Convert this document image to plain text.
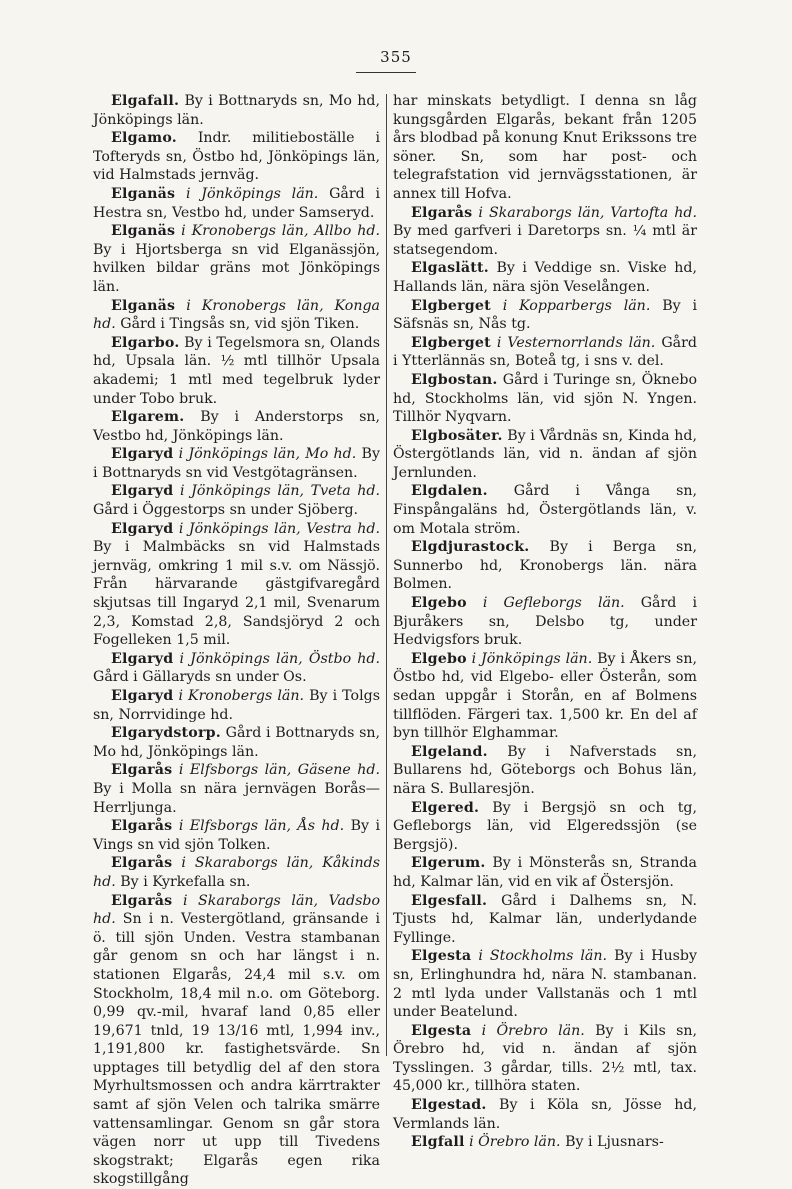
355

Elgafall. By i Bottnaryds sn, Mo hd, Jönköpings län.

Elgamo. Indr. militieboställe i Tofteryds sn, Östbo hd, Jönköpings län, vid Halmstads jernväg.

Elganäs i Jönköpings län. Gård i Hestra sn, Vestbo hd, under Samseryd.

Elganäs i Kronobergs län, Allbo hd. By i Hjortsberga sn vid Elganässjön, hvilken bildar gräns mot Jönköpings län.

Elganäs i Kronobergs län, Konga hd. Gård i Tingsås sn, vid sjön Tiken.

Elgarbo. By i Tegelsmora sn, Olands hd, Upsala län. ½ mtl tillhör Upsala akademi; 1 mtl med tegelbruk lyder under Tobo bruk.

Elgarem. By i Anderstorps sn, Vestbo hd, Jönköpings län.

Elgaryd i Jönköpings län, Mo hd. By i Bottnaryds sn vid Vestgötagränsen.

Elgaryd i Jönköpings län, Tveta hd. Gård i Öggestorps sn under Sjöberg.

Elgaryd i Jönköpings län, Vestra hd. By i Malmbäcks sn vid Halmstads jernväg, omkring 1 mil s.v. om Nässjö. Från härvarande gästgifvaregård skjutsas till Ingaryd 2,1 mil, Svenarum 2,3, Komstad 2,8, Sandsjöryd 2 och Fogelleken 1,5 mil.

Elgaryd i Jönköpings län, Östbo hd. Gård i Gällaryds sn under Os.

Elgaryd i Kronobergs län. By i Tolgs sn, Norrvidinge hd.

Elgarydstorp. Gård i Bottnaryds sn, Mo hd, Jönköpings län.

Elgarås i Elfsborgs län, Gäsene hd. By i Molla sn nära jernvägen Borås—Herrljunga.

Elgarås i Elfsborgs län, Ås hd. By i Vings sn vid sjön Tolken.

Elgarås i Skaraborgs län, Kåkinds hd. By i Kyrkefalla sn.

Elgarås i Skaraborgs län, Vadsbo hd. Sn i n. Vestergötland, gränsande i ö. till sjön Unden. Vestra stambanan går genom sn och har längst i n. stationen Elgarås, 24,4 mil s.v. om Stockholm, 18,4 mil n.o. om Göteborg. 0,99 qv.-mil, hvaraf land 0,85 eller 19,671 tnld, 19 13/16 mtl, 1,994 inv., 1,191,800 kr. fastighetsvärde. Sn upptages till betydlig del af den stora Myrhultsmossen och andra kärrtrakter samt af sjön Velen och talrika smärre vattensamlingar. Genom sn går stora vägen norr ut upp till Tivedens skogstrakt; Elgarås egen rika skogstillgång

har minskats betydligt. I denna sn låg kungsgården Elgarås, bekant från 1205 års blodbad på konung Knut Erikssons tre söner. Sn, som har post- och telegrafstation vid jernvägsstationen, är annex till Hofva.

Elgarås i Skaraborgs län, Vartofta hd. By med garfveri i Daretorps sn. ¼ mtl är statsegendom.

Elgaslätt. By i Veddige sn. Viske hd, Hallands län, nära sjön Veselången.

Elgberget i Kopparbergs län. By i Säfsnäs sn, Nås tg.

Elgberget i Vesternorrlands län. Gård i Ytterlännäs sn, Boteå tg, i sns v. del.

Elgbostan. Gård i Turinge sn, Öknebo hd, Stockholms län, vid sjön N. Yngen. Tillhör Nyqvarn.

Elgbosäter. By i Vårdnäs sn, Kinda hd, Östergötlands län, vid n. ändan af sjön Jernlunden.

Elgdalen. Gård i Vånga sn, Finspångaläns hd, Östergötlands län, v. om Motala ström.

Elgdjurastock. By i Berga sn, Sunnerbo hd, Kronobergs län. nära Bolmen.

Elgebo i Gefleborgs län. Gård i Bjuråkers sn, Delsbo tg, under Hedvigsfors bruk.

Elgebo i Jönköpings län. By i Åkers sn, Östbo hd, vid Elgebo- eller Österån, som sedan uppgår i Storån, en af Bolmens tillflöden. Färgeri tax. 1,500 kr. En del af byn tillhör Elghammar.

Elgeland. By i Nafverstads sn, Bullarens hd, Göteborgs och Bohus län, nära S. Bullaresjön.

Elgered. By i Bergsjö sn och tg, Gefleborgs län, vid Elgeredssjön (se Bergsjö).

Elgerum. By i Mönsterås sn, Stranda hd, Kalmar län, vid en vik af Östersjön.

Elgesfall. Gård i Dalhems sn, N. Tjusts hd, Kalmar län, underlydande Fyllinge.

Elgesta i Stockholms län. By i Husby sn, Erlinghundra hd, nära N. stambanan. 2 mtl lyda under Vallstanäs och 1 mtl under Beatelund.

Elgesta i Örebro län. By i Kils sn, Örebro hd, vid n. ändan af sjön Tysslingen. 3 gårdar, tills. 2½ mtl, tax. 45,000 kr., tillhöra staten.

Elgestad. By i Köla sn, Jösse hd, Vermlands län.

Elgfall i Örebro län. By i Ljusnars-
